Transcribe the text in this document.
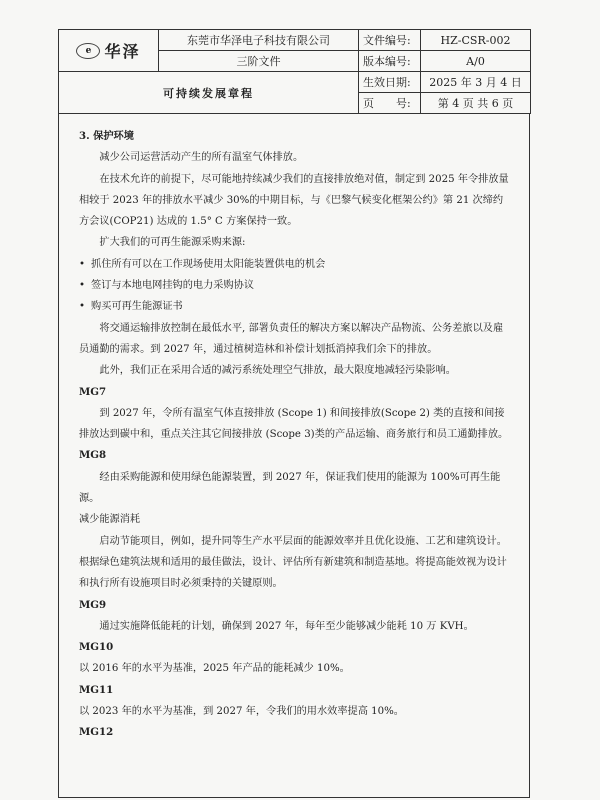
e 华泽	东莞市华泽电子科技有限公司	文件编号:	HZ-CSR-002
	三阶文件	版本编号:	A/0
可持续发展章程		生效日期:	2025 年 3 月 4 日
		页　　号:	第 4 页 共 6 页

3. 保护环境

减少公司运营活动产生的所有温室气体排放。

在技术允许的前提下，尽可能地持续减少我们的直接排放绝对值，制定到 2025 年令排放量相较于 2023 年的排放水平减少 30%的中期目标，与《巴黎气候变化框架公约》第 21 次缔约方会议(COP21) 达成的 1.5° C 方案保持一致。

扩大我们的可再生能源采购来源:

• 抓住所有可以在工作现场使用太阳能装置供电的机会

• 签订与本地电网挂钩的电力采购协议

• 购买可再生能源证书

将交通运输排放控制在最低水平, 部署负责任的解决方案以解决产品物流、公务差旅以及雇员通勤的需求。到 2027 年，通过植树造林和补偿计划抵消掉我们余下的排放。

此外，我们正在采用合适的减污系统处理空气排放，最大限度地减轻污染影响。

MG7

到 2027 年，令所有温室气体直接排放 (Scope 1) 和间接排放(Scope 2) 类的直接和间接排放达到碳中和，重点关注其它间接排放 (Scope 3)类的产品运输、商务旅行和员工通勤排放。

MG8

经由采购能源和使用绿色能源装置，到 2027 年，保证我们使用的能源为 100%可再生能源。

减少能源消耗

启动节能项目，例如，提升同等生产水平层面的能源效率并且优化设施、工艺和建筑设计。根据绿色建筑法规和适用的最佳做法，设计、评估所有新建筑和制造基地。将提高能效视为设计和执行所有设施项目时必须秉持的关键原则。

MG9

通过实施降低能耗的计划，确保到 2027 年，每年至少能够减少能耗 10 万 KVH。

MG10

以 2016 年的水平为基准，2025 年产品的能耗减少 10%。

MG11

以 2023 年的水平为基准，到 2027 年，令我们的用水效率提高 10%。

MG12
